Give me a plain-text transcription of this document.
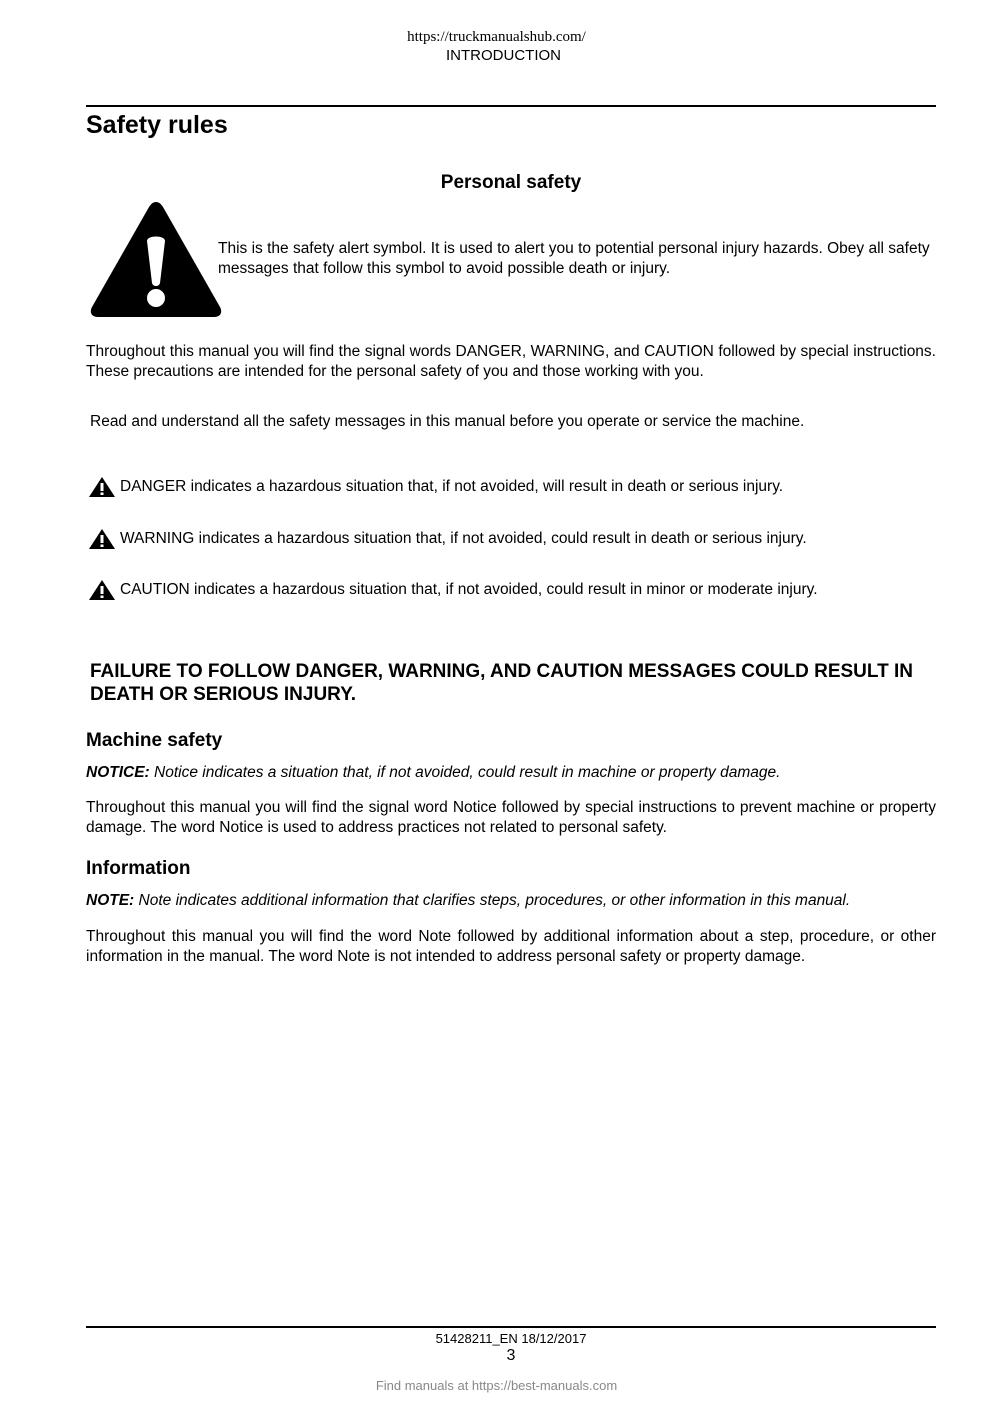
https://truckmanualshub.com/
INTRODUCTION
Safety rules
Personal safety
This is the safety alert symbol. It is used to alert you to potential personal injury hazards. Obey all safety messages that follow this symbol to avoid possible death or injury.
Throughout this manual you will find the signal words DANGER, WARNING, and CAUTION followed by special instructions. These precautions are intended for the personal safety of you and those working with you.
Read and understand all the safety messages in this manual before you operate or service the machine.
DANGER indicates a hazardous situation that, if not avoided, will result in death or serious injury.
WARNING indicates a hazardous situation that, if not avoided, could result in death or serious injury.
CAUTION indicates a hazardous situation that, if not avoided, could result in minor or moderate injury.
FAILURE TO FOLLOW DANGER, WARNING, AND CAUTION MESSAGES COULD RESULT IN DEATH OR SERIOUS INJURY.
Machine safety
NOTICE: Notice indicates a situation that, if not avoided, could result in machine or property damage.
Throughout this manual you will find the signal word Notice followed by special instructions to prevent machine or property damage. The word Notice is used to address practices not related to personal safety.
Information
NOTE: Note indicates additional information that clarifies steps, procedures, or other information in this manual.
Throughout this manual you will find the word Note followed by additional information about a step, procedure, or other information in the manual. The word Note is not intended to address personal safety or property damage.
51428211_EN 18/12/2017
3
Find manuals at https://best-manuals.com
